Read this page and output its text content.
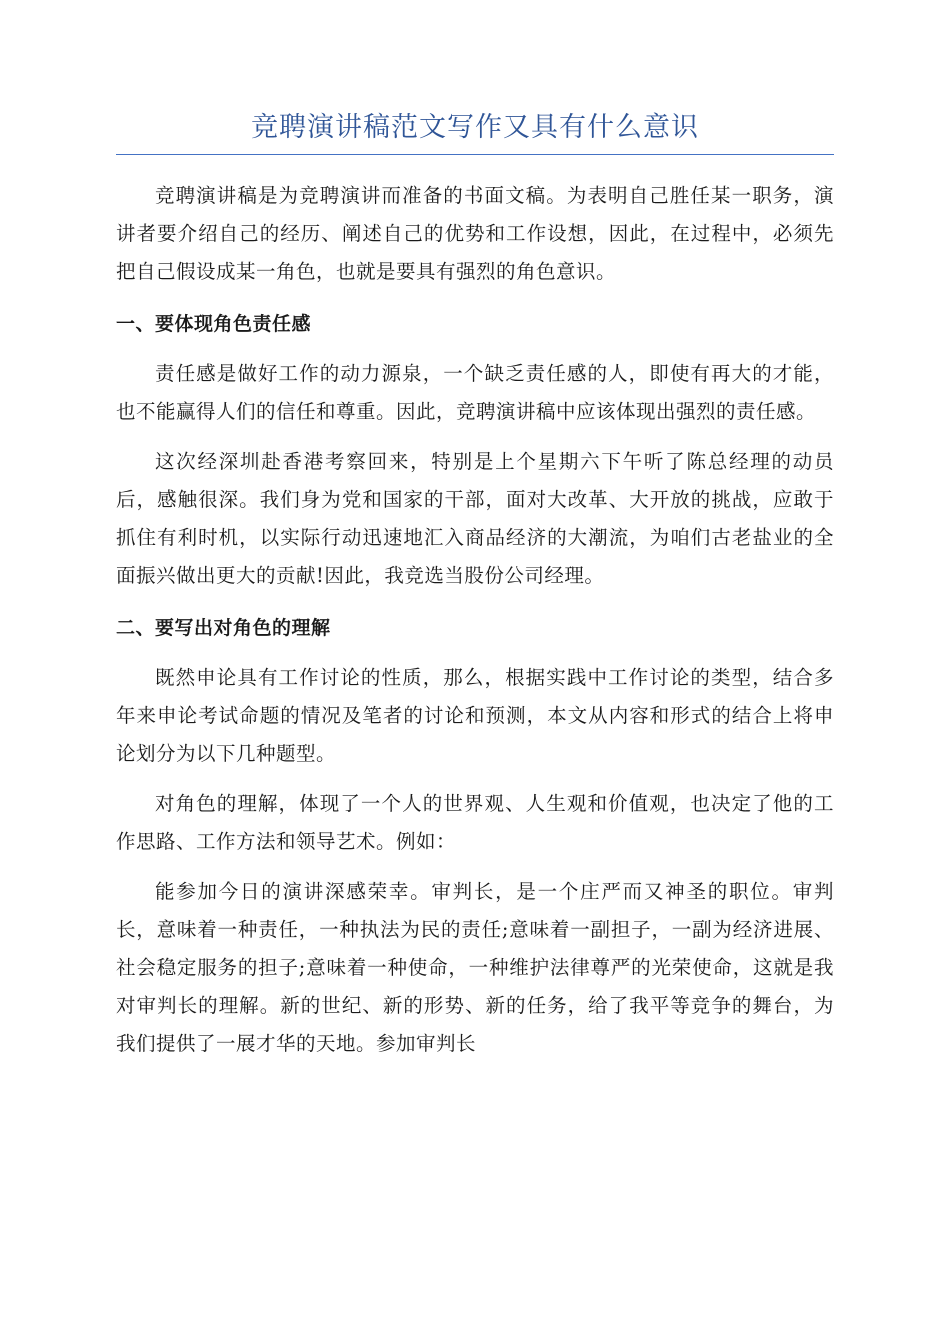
竞聘演讲稿范文写作又具有什么意识

竞聘演讲稿是为竞聘演讲而准备的书面文稿。为表明自己胜任某一职务，演讲者要介绍自己的经历、阐述自己的优势和工作设想，因此，在过程中，必须先把自己假设成某一角色，也就是要具有强烈的角色意识。

一、要体现角色责任感

责任感是做好工作的动力源泉，一个缺乏责任感的人，即使有再大的才能，也不能赢得人们的信任和尊重。因此，竞聘演讲稿中应该体现出强烈的责任感。

这次经深圳赴香港考察回来，特别是上个星期六下午听了陈总经理的动员后，感触很深。我们身为党和国家的干部，面对大改革、大开放的挑战，应敢于抓住有利时机，以实际行动迅速地汇入商品经济的大潮流，为咱们古老盐业的全面振兴做出更大的贡献!因此，我竞选当股份公司经理。

二、要写出对角色的理解

既然申论具有工作讨论的性质，那么，根据实践中工作讨论的类型，结合多年来申论考试命题的情况及笔者的讨论和预测，本文从内容和形式的结合上将申论划分为以下几种题型。

对角色的理解，体现了一个人的世界观、人生观和价值观，也决定了他的工作思路、工作方法和领导艺术。例如：

能参加今日的演讲深感荣幸。审判长，是一个庄严而又神圣的职位。审判长，意味着一种责任，一种执法为民的责任;意味着一副担子，一副为经济进展、社会稳定服务的担子;意味着一种使命，一种维护法律尊严的光荣使命，这就是我对审判长的理解。新的世纪、新的形势、新的任务，给了我平等竞争的舞台，为我们提供了一展才华的天地。参加审判长
